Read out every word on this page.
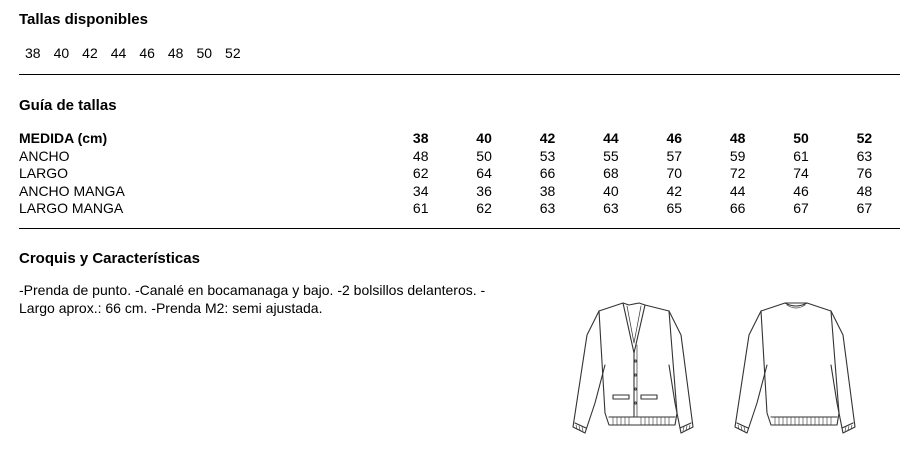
Tallas disponibles
38 40 42 44 46 48 50 52
Guía de tallas
MEDIDA (cm)	38	40	42	44	46	48	50	52
ANCHO	48	50	53	55	57	59	61	63
LARGO	62	64	66	68	70	72	74	76
ANCHO MANGA	34	36	38	40	42	44	46	48
LARGO MANGA	61	62	63	63	65	66	67	67
Croquis y Características

-Prenda de punto. -Canalé en bocamanaga y bajo. -2 bolsillos delanteros. -
Largo aprox.: 66 cm. -Prenda M2: semi ajustada.
